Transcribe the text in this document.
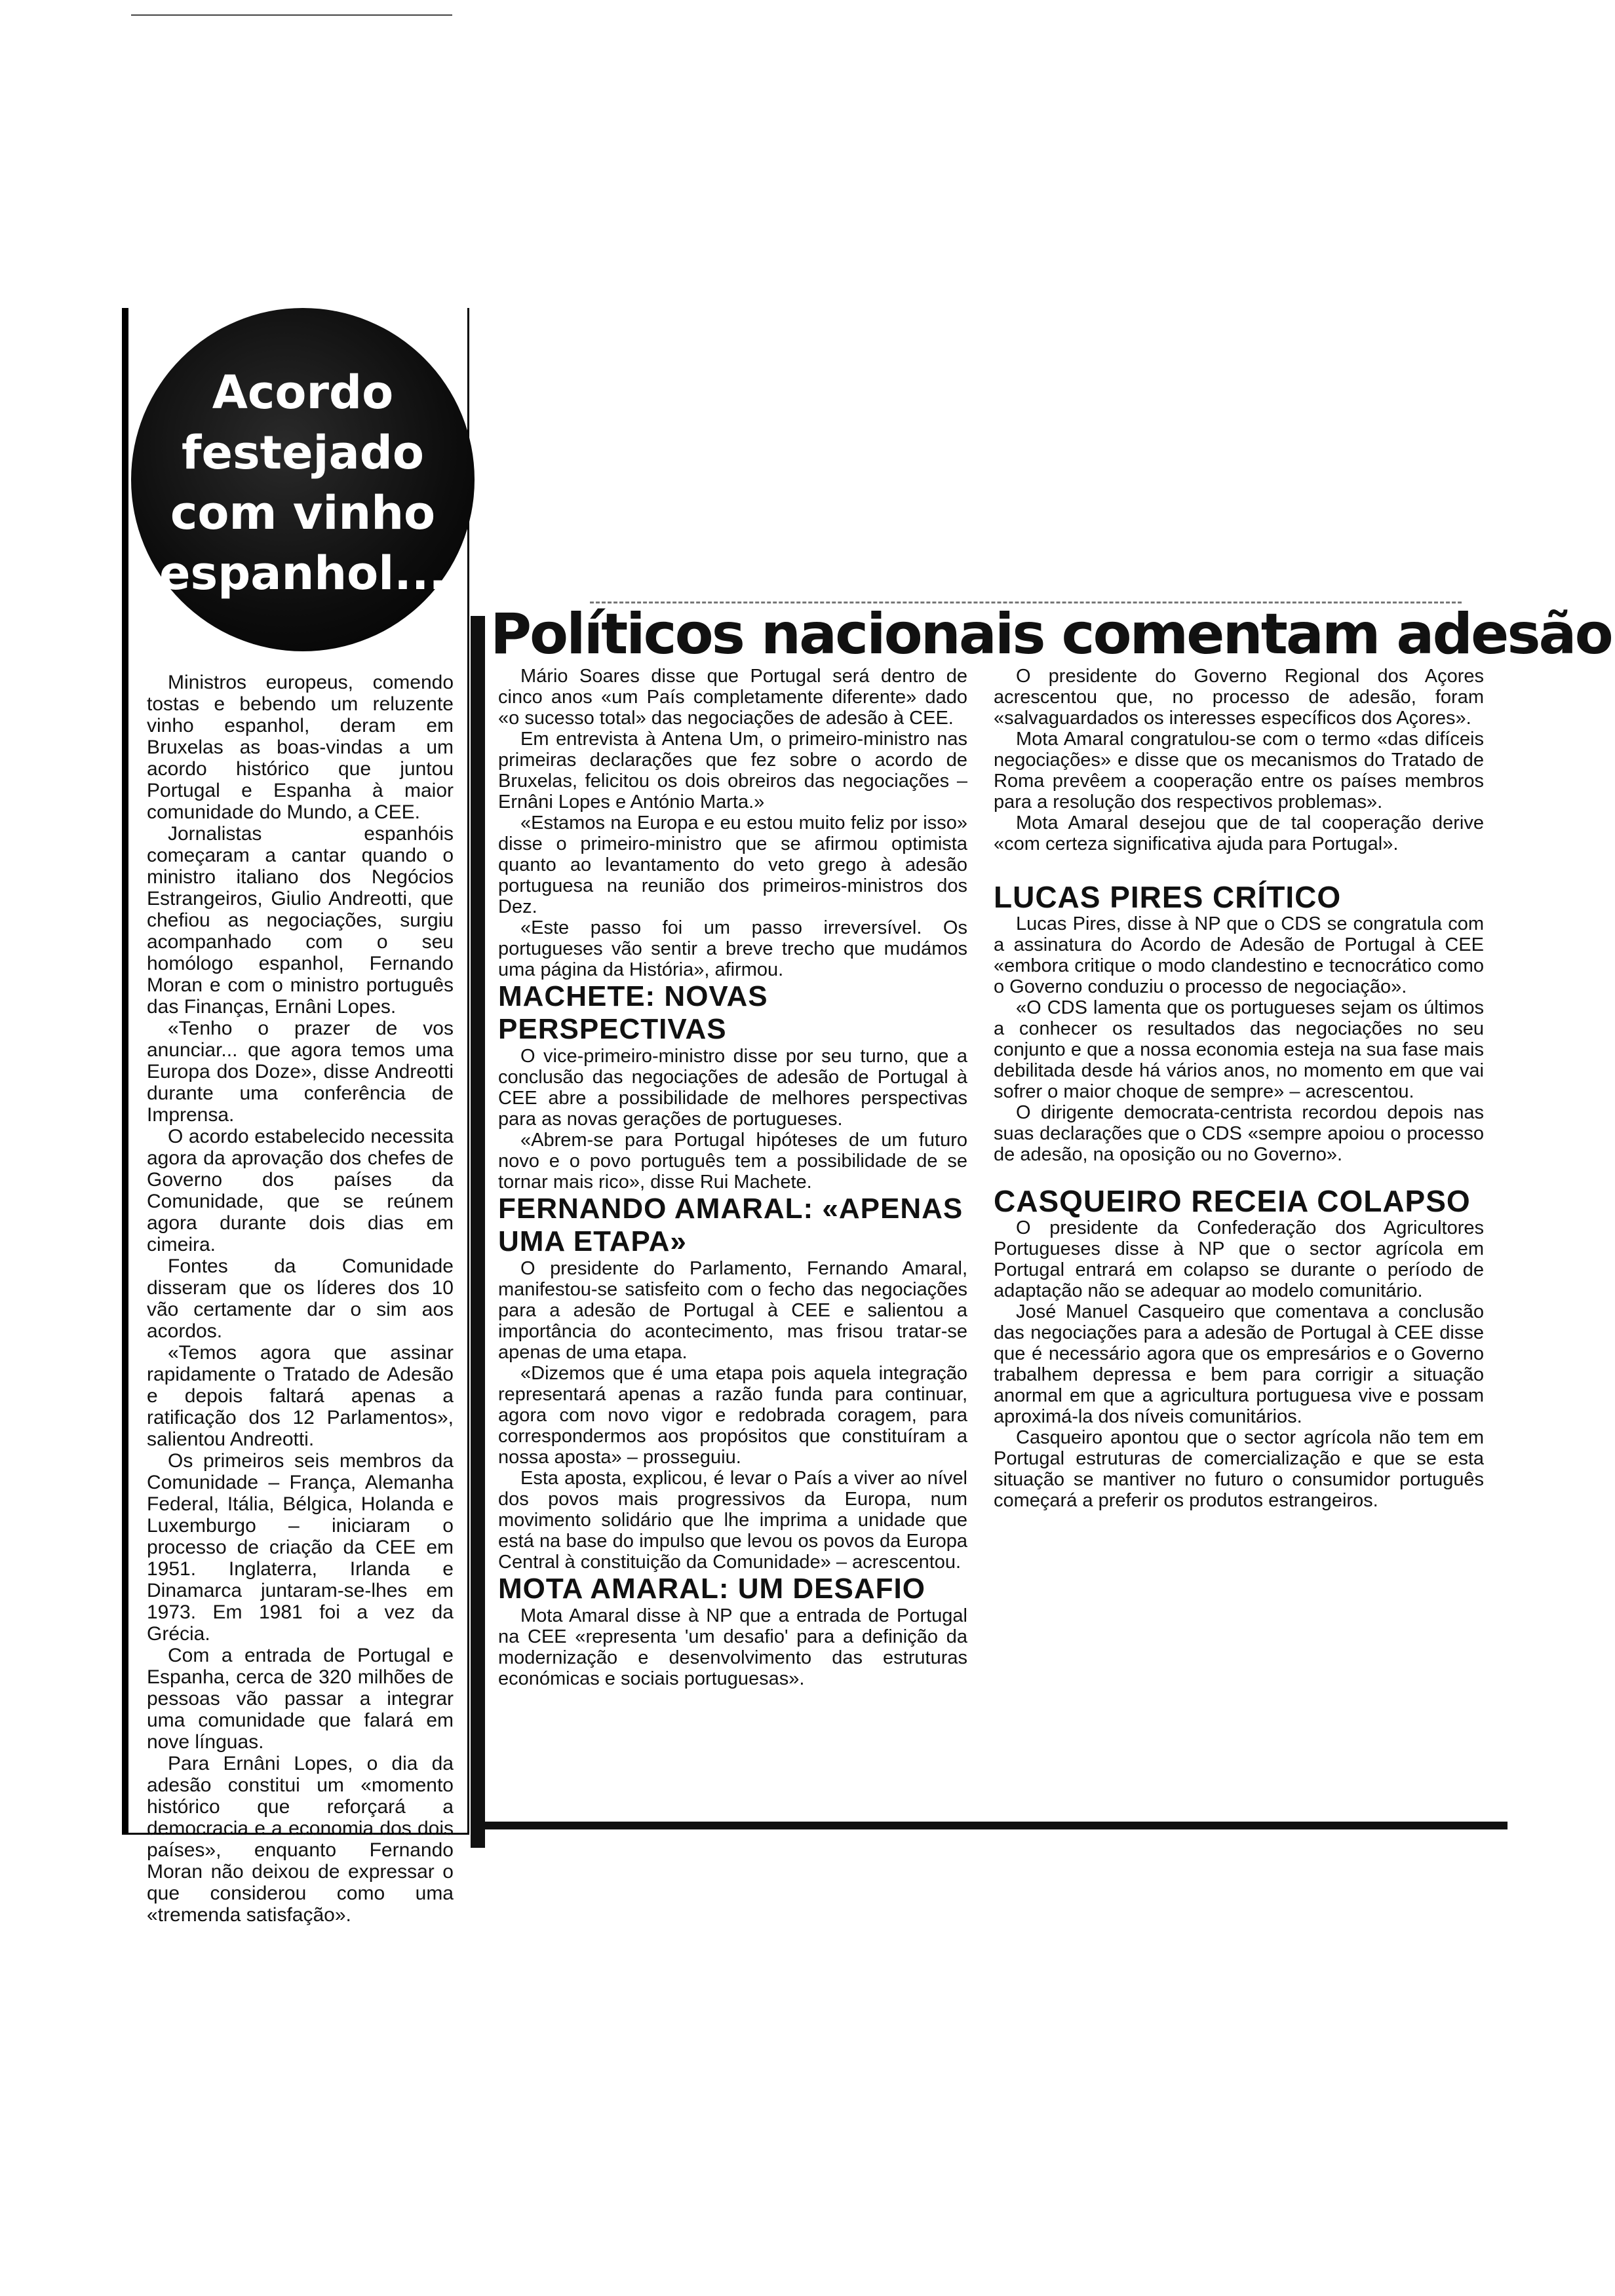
Acordo festejado com vinho espanhol...

Ministros europeus, comendo tostas e bebendo um reluzente vinho espanhol, deram em Bruxelas as boas-vindas a um acordo histórico que juntou Portugal e Espanha à maior comunidade do Mundo, a CEE.

Jornalistas espanhóis começaram a cantar quando o ministro italiano dos Negócios Estrangeiros, Giulio Andreotti, que chefiou as negociações, surgiu acompanhado com o seu homólogo espanhol, Fernando Moran e com o ministro português das Finanças, Ernâni Lopes.

«Tenho o prazer de vos anunciar... que agora temos uma Europa dos Doze», disse Andreotti durante uma conferência de Imprensa.

O acordo estabelecido necessita agora da aprovação dos chefes de Governo dos países da Comunidade, que se reúnem agora durante dois dias em cimeira.

Fontes da Comunidade disseram que os líderes dos 10 vão certamente dar o sim aos acordos.

«Temos agora que assinar rapidamente o Tratado de Adesão e depois faltará apenas a ratificação dos 12 Parlamentos», salientou Andreotti.

Os primeiros seis membros da Comunidade – França, Alemanha Federal, Itália, Bélgica, Holanda e Luxemburgo – iniciaram o processo de criação da CEE em 1951. Inglaterra, Irlanda e Dinamarca juntaram-se-lhes em 1973. Em 1981 foi a vez da Grécia.

Com a entrada de Portugal e Espanha, cerca de 320 milhões de pessoas vão passar a integrar uma comunidade que falará em nove línguas.

Para Ernâni Lopes, o dia da adesão constitui um «momento histórico que reforçará a democracia e a economia dos dois países», enquanto Fernando Moran não deixou de expressar o que considerou como uma «tremenda satisfação».

Políticos nacionais comentam adesão

Mário Soares disse que Portugal será dentro de cinco anos «um País completamente diferente» dado «o sucesso total» das negociações de adesão à CEE.

Em entrevista à Antena Um, o primeiro-ministro nas primeiras declarações que fez sobre o acordo de Bruxelas, felicitou os dois obreiros das negociações – Ernâni Lopes e António Marta.»

«Estamos na Europa e eu estou muito feliz por isso» disse o primeiro-ministro que se afirmou optimista quanto ao levantamento do veto grego à adesão portuguesa na reunião dos primeiros-ministros dos Dez.

«Este passo foi um passo irreversível. Os portugueses vão sentir a breve trecho que mudámos uma página da História», afirmou.

MACHETE: NOVAS PERSPECTIVAS

O vice-primeiro-ministro disse por seu turno, que a conclusão das negociações de adesão de Portugal à CEE abre a possibilidade de melhores perspectivas para as novas gerações de portugueses.

«Abrem-se para Portugal hipóteses de um futuro novo e o povo português tem a possibilidade de se tornar mais rico», disse Rui Machete.

FERNANDO AMARAL: «APENAS UMA ETAPA»

O presidente do Parlamento, Fernando Amaral, manifestou-se satisfeito com o fecho das negociações para a adesão de Portugal à CEE e salientou a importância do acontecimento, mas frisou tratar-se apenas de uma etapa.

«Dizemos que é uma etapa pois aquela integração representará apenas a razão funda para continuar, agora com novo vigor e redobrada coragem, para correspondermos aos propósitos que constituíram a nossa aposta» – prosseguiu.

Esta aposta, explicou, é levar o País a viver ao nível dos povos mais progressivos da Europa, num movimento solidário que lhe imprima a unidade que está na base do impulso que levou os povos da Europa Central à constituição da Comunidade» – acrescentou.

MOTA AMARAL: UM DESAFIO

Mota Amaral disse à NP que a entrada de Portugal na CEE «representa 'um desafio' para a definição da modernização e desenvolvimento das estruturas económicas e sociais portuguesas».

O presidente do Governo Regional dos Açores acrescentou que, no processo de adesão, foram «salvaguardados os interesses específicos dos Açores».

Mota Amaral congratulou-se com o termo «das difíceis negociações» e disse que os mecanismos do Tratado de Roma prevêem a cooperação entre os países membros para a resolução dos respectivos problemas».

Mota Amaral desejou que de tal cooperação derive «com certeza significativa ajuda para Portugal».

LUCAS PIRES CRÍTICO

Lucas Pires, disse à NP que o CDS se congratula com a assinatura do Acordo de Adesão de Portugal à CEE «embora critique o modo clandestino e tecnocrático como o Governo conduziu o processo de negociação».

«O CDS lamenta que os portugueses sejam os últimos a conhecer os resultados das negociações no seu conjunto e que a nossa economia esteja na sua fase mais debilitada desde há vários anos, no momento em que vai sofrer o maior choque de sempre» – acrescentou.

O dirigente democrata-centrista recordou depois nas suas declarações que o CDS «sempre apoiou o processo de adesão, na oposição ou no Governo».

CASQUEIRO RECEIA COLAPSO

O presidente da Confederação dos Agricultores Portugueses disse à NP que o sector agrícola em Portugal entrará em colapso se durante o período de adaptação não se adequar ao modelo comunitário.

José Manuel Casqueiro que comentava a conclusão das negociações para a adesão de Portugal à CEE disse que é necessário agora que os empresários e o Governo trabalhem depressa e bem para corrigir a situação anormal em que a agricultura portuguesa vive e possam aproximá-la dos níveis comunitários.

Casqueiro apontou que o sector agrícola não tem em Portugal estruturas de comercialização e que se esta situação se mantiver no futuro o consumidor português começará a preferir os produtos estrangeiros.
